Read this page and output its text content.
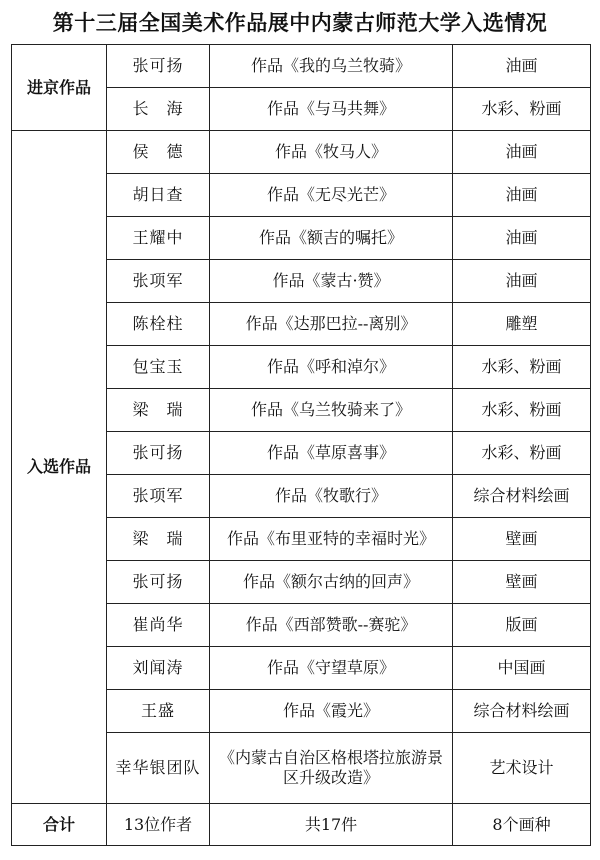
第十三届全国美术作品展中内蒙古师范大学入选情况
进京作品	张可扬	作品《我的乌兰牧骑》	油画
	长　海	作品《与马共舞》	水彩、粉画
入选作品	侯　德	作品《牧马人》	油画
	胡日查	作品《无尽光芒》	油画
	王耀中	作品《额吉的嘱托》	油画
	张项军	作品《蒙古·赞》	油画
	陈栓柱	作品《达那巴拉--离别》	雕塑
	包宝玉	作品《呼和淖尔》	水彩、粉画
	梁　瑞	作品《乌兰牧骑来了》	水彩、粉画
	张可扬	作品《草原喜事》	水彩、粉画
	张项军	作品《牧歌行》	综合材料绘画
	梁　瑞	作品《布里亚特的幸福时光》	壁画
	张可扬	作品《额尔古纳的回声》	壁画
	崔尚华	作品《西部赞歌--赛驼》	版画
	刘闻涛	作品《守望草原》	中国画
	王盛	作品《霞光》	综合材料绘画
	幸华银团队	《内蒙古自治区格根塔拉旅游景区升级改造》	艺术设计
合计	13位作者	共17件	8个画种
